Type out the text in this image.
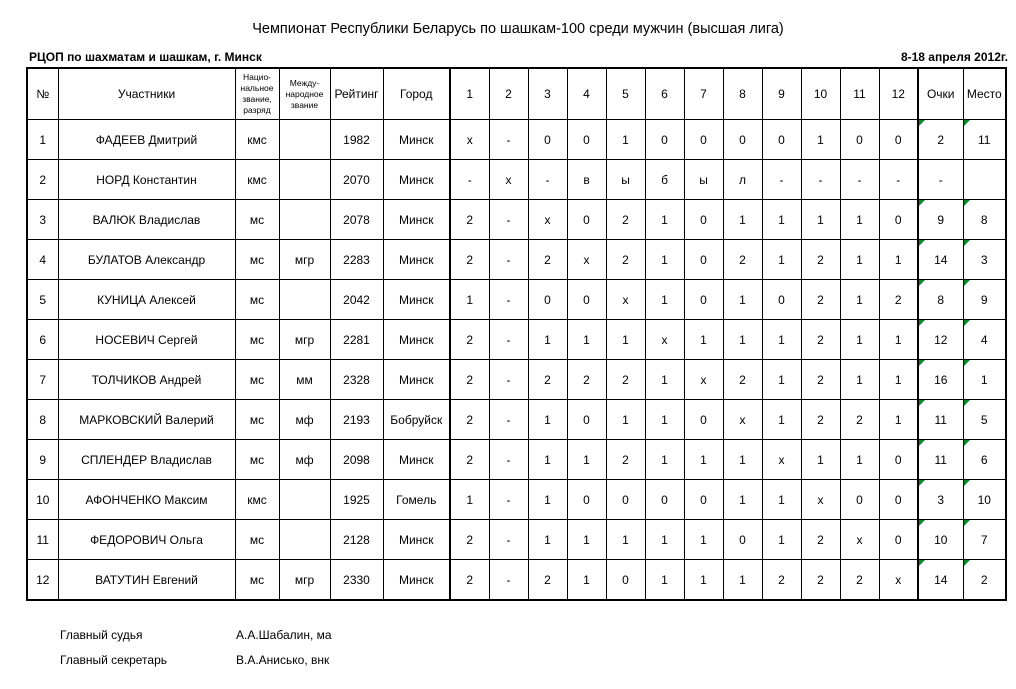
Чемпионат Республики Беларусь по шашкам-100 среди мужчин (высшая лига)
РЦОП по шахматам и шашкам, г. Минск	8-18 апреля 2012г.
№	Участники	Нацио-нальное звание, разряд	Между-народное звание	Рейтинг	Город	1	2	3	4	5	6	7	8	9	10	11	12	Очки	Место
1	ФАДЕЕВ Дмитрий	кмс		1982	Минск	х	-	0	0	1	0	0	0	0	1	0	0	2	11
2	НОРД Константин	кмс		2070	Минск	-	х	-	в	ы	б	ы	л	-	-	-	-	-	
3	ВАЛЮК Владислав	мс		2078	Минск	2	-	х	0	2	1	0	1	1	1	1	0	9	8
4	БУЛАТОВ Александр	мс	мгр	2283	Минск	2	-	2	х	2	1	0	2	1	2	1	1	14	3
5	КУНИЦА Алексей	мс		2042	Минск	1	-	0	0	х	1	0	1	0	2	1	2	8	9
6	НОСЕВИЧ Сергей	мс	мгр	2281	Минск	2	-	1	1	1	х	1	1	1	2	1	1	12	4
7	ТОЛЧИКОВ Андрей	мс	мм	2328	Минск	2	-	2	2	2	1	х	2	1	2	1	1	16	1
8	МАРКОВСКИЙ Валерий	мс	мф	2193	Бобруйск	2	-	1	0	1	1	0	х	1	2	2	1	11	5
9	СПЛЕНДЕР Владислав	мс	мф	2098	Минск	2	-	1	1	2	1	1	1	х	1	1	0	11	6
10	АФОНЧЕНКО Максим	кмс		1925	Гомель	1	-	1	0	0	0	0	1	1	х	0	0	3	10
11	ФЕДОРОВИЧ Ольга	мс		2128	Минск	2	-	1	1	1	1	1	0	1	2	х	0	10	7
12	ВАТУТИН Евгений	мс	мгр	2330	Минск	2	-	2	1	0	1	1	1	2	2	2	х	14	2
Главный судья	А.А.Шабалин, ма
Главный секретарь	В.А.Анисько, внк
